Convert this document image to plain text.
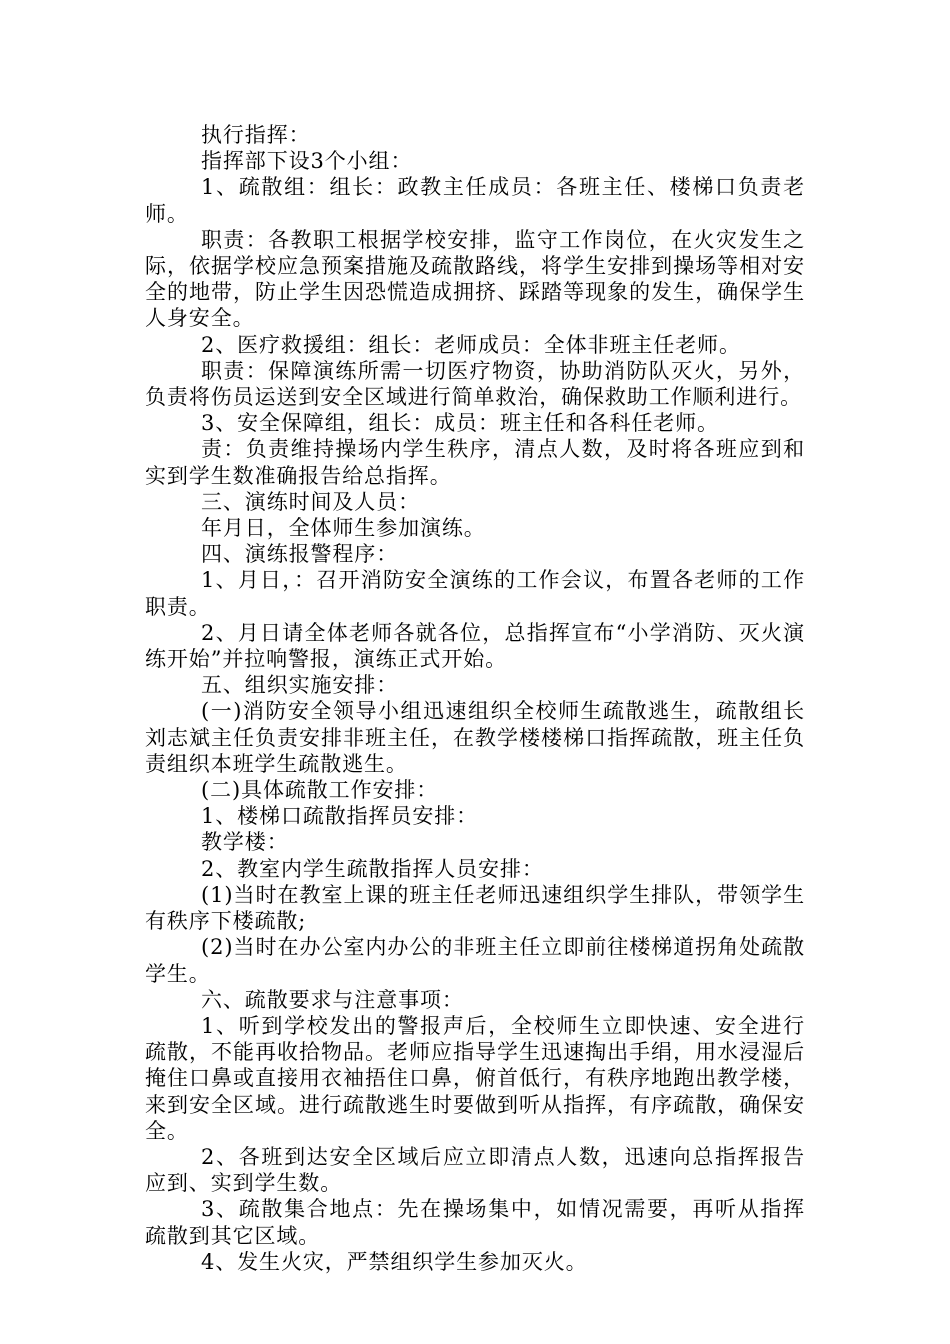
执行指挥：

指挥部下设3个小组：

1、疏散组：组长：政教主任成员：各班主任、楼梯口负责老师。

职责：各教职工根据学校安排，监守工作岗位，在火灾发生之际，依据学校应急预案措施及疏散路线，将学生安排到操场等相对安全的地带，防止学生因恐慌造成拥挤、踩踏等现象的发生，确保学生人身安全。

2、医疗救援组：组长：老师成员：全体非班主任老师。

职责：保障演练所需一切医疗物资，协助消防队灭火，另外，负责将伤员运送到安全区域进行简单救治，确保救助工作顺利进行。

3、安全保障组，组长：成员：班主任和各科任老师。

责：负责维持操场内学生秩序，清点人数，及时将各班应到和实到学生数准确报告给总指挥。

三、演练时间及人员：

年月日，全体师生参加演练。

四、演练报警程序：

1、月日，：召开消防安全演练的工作会议，布置各老师的工作职责。

2、月日请全体老师各就各位，总指挥宣布“小学消防、灭火演练开始”并拉响警报，演练正式开始。

五、组织实施安排：

(一)消防安全领导小组迅速组织全校师生疏散逃生，疏散组长刘志斌主任负责安排非班主任，在教学楼楼梯口指挥疏散，班主任负责组织本班学生疏散逃生。

(二)具体疏散工作安排：

1、楼梯口疏散指挥员安排：

教学楼：

2、教室内学生疏散指挥人员安排：

(1)当时在教室上课的班主任老师迅速组织学生排队，带领学生有秩序下楼疏散;

(2)当时在办公室内办公的非班主任立即前往楼梯道拐角处疏散学生。

六、疏散要求与注意事项：

1、听到学校发出的警报声后，全校师生立即快速、安全进行疏散，不能再收拾物品。老师应指导学生迅速掏出手绢，用水浸湿后掩住口鼻或直接用衣袖捂住口鼻，俯首低行，有秩序地跑出教学楼，来到安全区域。进行疏散逃生时要做到听从指挥，有序疏散，确保安全。

2、各班到达安全区域后应立即清点人数，迅速向总指挥报告应到、实到学生数。

3、疏散集合地点：先在操场集中，如情况需要，再听从指挥疏散到其它区域。

4、发生火灾，严禁组织学生参加灭火。
